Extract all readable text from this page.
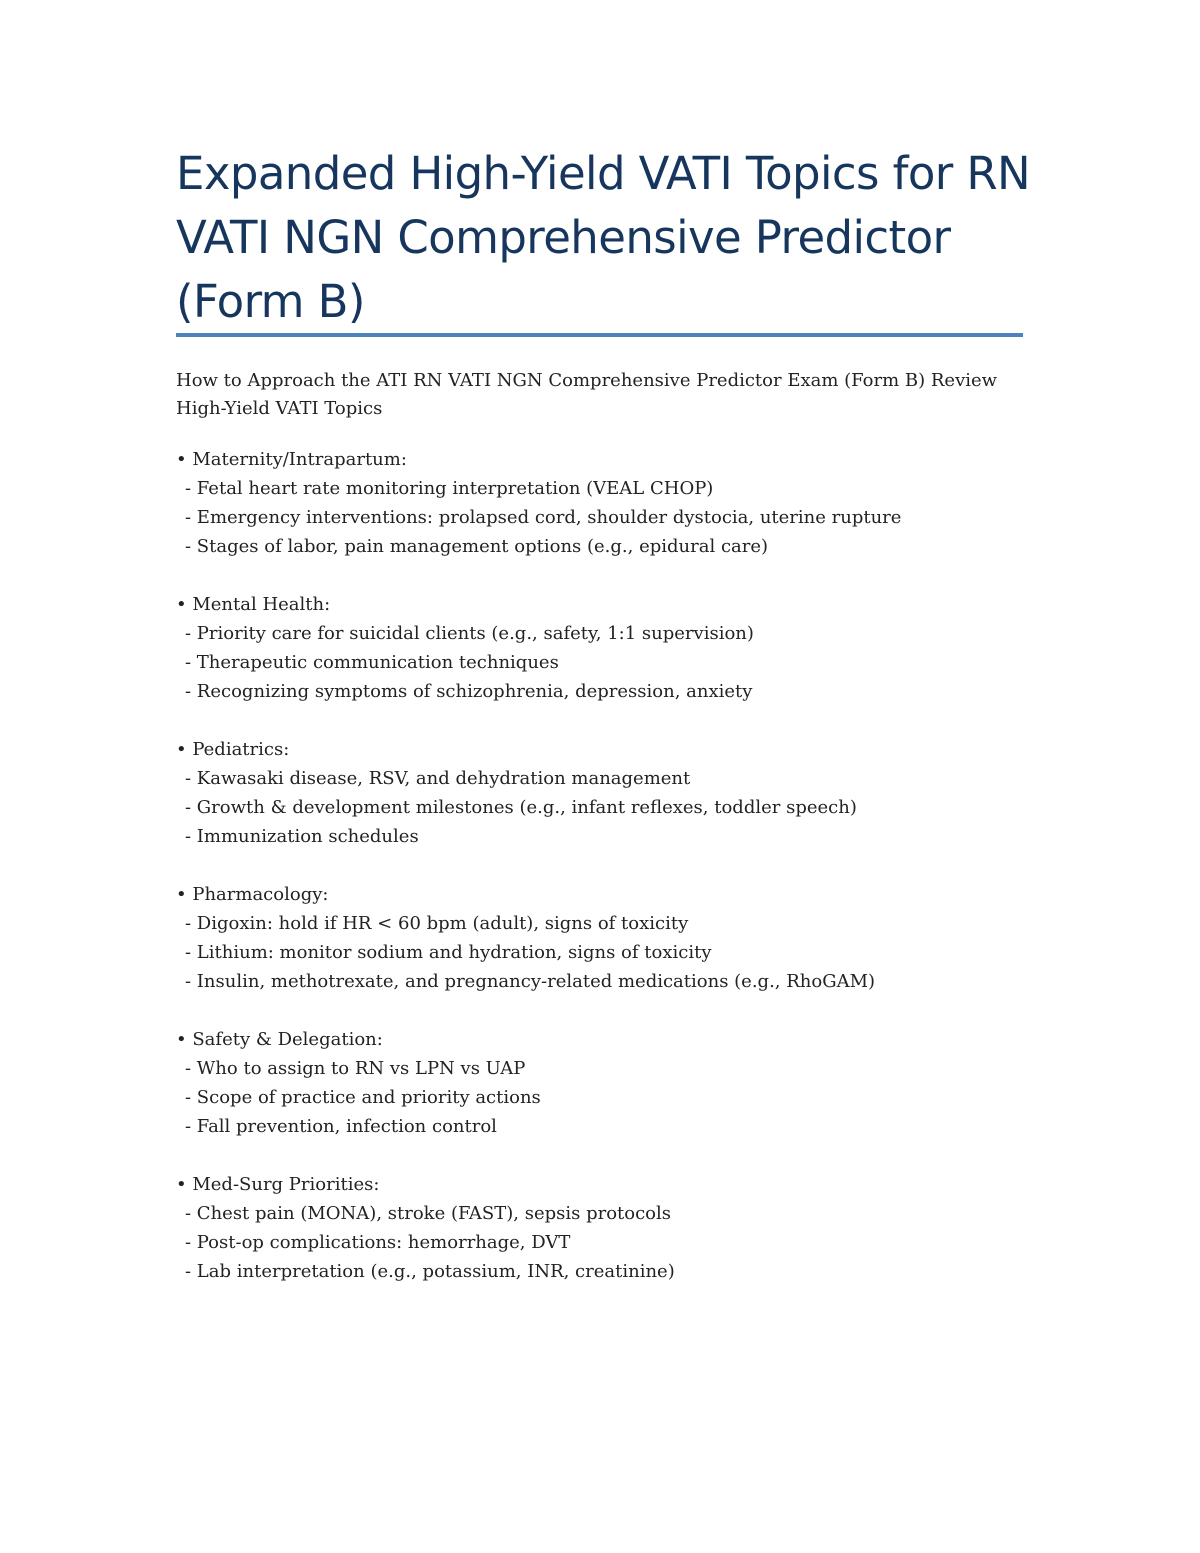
Expanded High-Yield VATI Topics for RN
VATI NGN Comprehensive Predictor
(Form B)
How to Approach the ATI RN VATI NGN Comprehensive Predictor Exam (Form B) Review
High-Yield VATI Topics
• Maternity/Intrapartum:
- Fetal heart rate monitoring interpretation (VEAL CHOP)
- Emergency interventions: prolapsed cord, shoulder dystocia, uterine rupture
- Stages of labor, pain management options (e.g., epidural care)
• Mental Health:
- Priority care for suicidal clients (e.g., safety, 1:1 supervision)
- Therapeutic communication techniques
- Recognizing symptoms of schizophrenia, depression, anxiety
• Pediatrics:
- Kawasaki disease, RSV, and dehydration management
- Growth & development milestones (e.g., infant reflexes, toddler speech)
- Immunization schedules
• Pharmacology:
- Digoxin: hold if HR < 60 bpm (adult), signs of toxicity
- Lithium: monitor sodium and hydration, signs of toxicity
- Insulin, methotrexate, and pregnancy-related medications (e.g., RhoGAM)
• Safety & Delegation:
- Who to assign to RN vs LPN vs UAP
- Scope of practice and priority actions
- Fall prevention, infection control
• Med-Surg Priorities:
- Chest pain (MONA), stroke (FAST), sepsis protocols
- Post-op complications: hemorrhage, DVT
- Lab interpretation (e.g., potassium, INR, creatinine)
